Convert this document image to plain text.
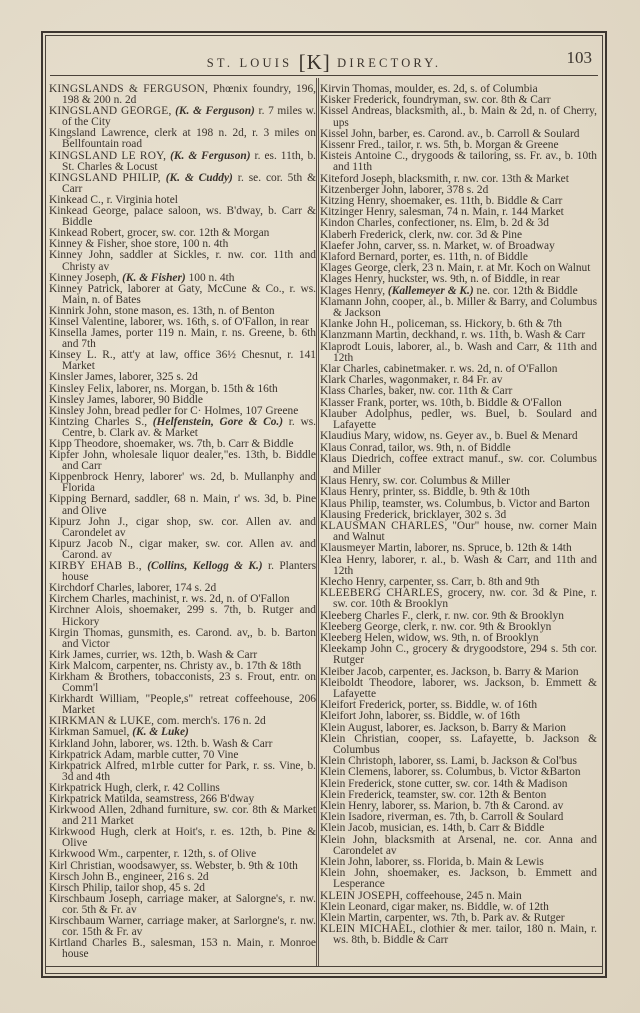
ST. LOUIS [K] DIRECTORY.	103

KINGSLANDS & FERGUSON, Phœnix foundry, 196, 198 & 200 n. 2d

KINGSLAND GEORGE, (K. & Ferguson) r. 7 miles w. of the City

Kingsland Lawrence, clerk at 198 n. 2d, r. 3 miles on Bellfountain road

KINGSLAND LE ROY, (K. & Ferguson) r. es. 11th, b. St. Charles & Locust

KINGSLAND PHILIP, (K. & Cuddy) r. se. cor. 5th & Carr

Kinkead C., r. Virginia hotel

Kinkead George, palace saloon, ws. B'dway, b. Carr & Biddle

Kinkead Robert, grocer, sw. cor. 12th & Morgan

Kinney & Fisher, shoe store, 100 n. 4th

Kinney John, saddler at Sickles, r. nw. cor. 11th and Christy av

Kinney Joseph, (K. & Fisher) 100 n. 4th

Kinney Patrick, laborer at Gaty, McCune & Co., r. ws. Main, n. of Bates

Kinnirk John, stone mason, es. 13th, n. of Benton

Kinsel Valentine, laborer, ws. 16th, s. of O'Fallon, in rear

Kinsella James, porter 119 n. Main, r. ns. Greene, b. 6th and 7th

Kinsey L. R., att'y at law, office 36½ Chesnut, r. 141 Market

Kinsler James, laborer, 325 s. 2d

Kinsley Felix, laborer, ns. Morgan, b. 15th & 16th

Kinsley James, laborer, 90 Biddle

Kinsley John, bread pedler for C· Holmes, 107 Greene

Kintzing Charles S., (Helfenstein, Gore & Co.) r. ws. Centre, b. Clark av. & Market

Kipp Theodore, shoemaker, ws. 7th, b. Carr & Biddle

Kipfer John, wholesale liquor dealer,"es. 13th, b. Biddle and Carr

Kippenbrock Henry, laborer' ws. 2d, b. Mullanphy and Florida

Kipping Bernard, saddler, 68 n. Main, r' ws. 3d, b. Pine and Olive

Kipurz John J., cigar shop, sw. cor. Allen av. and Carondelet av

Kipurz Jacob N., cigar maker, sw. cor. Allen av. and Carond. av

KIRBY EHAB B., (Collins, Kellogg & K.) r. Planters house

Kirchdorf Charles, laborer, 174 s. 2d

Kirchem Charles, machinist, r. ws. 2d, n. of O'Fallon

Kirchner Alois, shoemaker, 299 s. 7th, b. Rutger and Hickory

Kirgin Thomas, gunsmith, es. Carond. av,, b. b. Barton and Victor

Kirk James, currier, ws. 12th, b. Wash & Carr

Kirk Malcom, carpenter, ns. Christy av., b. 17th & 18th

Kirkham & Brothers, tobacconists, 23 s. Frout, entr. on Comm'l

Kirkhardt William, "People,s" retreat coffeehouse, 206 Market

KIRKMAN & LUKE, com. merch's. 176 n. 2d

Kirkman Samuel, (K. & Luke)

Kirkland John, laborer, ws. 12th. b. Wash & Carr

Kirkpatrick Adam, marble cutter, 70 Vine

Kirkpatrick Alfred, m1rble cutter for Park, r. ss. Vine, b. 3d and 4th

Kirkpatrick Hugh, clerk, r. 42 Collins

Kirkpatrick Matilda, seamstress, 266 B'dway

Kirkwood Allen, 2dhand furniture, sw. cor. 8th & Market and 211 Market

Kirkwood Hugh, clerk at Hoit's, r. es. 12th, b. Pine & Olive

Kirkwood Wm., carpenter, r. 12th, s. of Olive

Kirl Christian, woodsawyer, ss. Webster, b. 9th & 10th

Kirsch John B., engineer, 216 s. 2d

Kirsch Philip, tailor shop, 45 s. 2d

Kirschbaum Joseph, carriage maker, at Salorgne's, r. nw. cor. 5th & Fr. av

Kirschbaum Warner, carriage maker, at Sarlorgne's, r. nw. cor. 15th & Fr. av

Kirtland Charles B., salesman, 153 n. Main, r. Monroe house

Kirvin Thomas, moulder, es. 2d, s. of Columbia

Kisker Frederick, foundryman, sw. cor. 8th & Carr

Kissel Andreas, blacksmith, al., b. Main & 2d, n. of Cherry, ups

Kissel John, barber, es. Carond. av., b. Carroll & Soulard

Kissenr Fred., tailor, r. ws. 5th, b. Morgan & Greene

Kisteis Antoine C., drygoods & tailoring, ss. Fr. av., b. 10th and 11th

Kiteford Joseph, blacksmith, r. nw. cor. 13th & Market

Kitzenberger John, laborer, 378 s. 2d

Kitzing Henry, shoemaker, es. 11th, b. Biddle & Carr

Kitzinger Henry, salesman, 74 n. Main, r. 144 Market

Kindon Charles, confectioner, ns. Elm, b. 2d & 3d

Klaberh Frederick, clerk, nw. cor. 3d & Pine

Klaefer John, carver, ss. n. Market, w. of Broadway

Klaford Bernard, porter, es. 11th, n. of Biddle

Klages George, clerk, 23 n. Main, r. at Mr. Koch on Walnut

Klages Henry, huckster, ws. 9th, n. of Biddle, in rear

Klages Henry, (Kallemeyer & K.) ne. cor. 12th & Biddle

Klamann John, cooper, al., b. Miller & Barry, and Columbus & Jackson

Klanke John H., policeman, ss. Hickory, b. 6th & 7th

Klanzmann Martin, deckhand, r. ws. 11th, b. Wash & Carr

Klaprodt Louis, laborer, al., b. Wash and Carr, & 11th and 12th

Klar Charles, cabinetmaker. r. ws. 2d, n. of O'Fallon

Klark Charles, wagonmaker, r. 84 Fr. av

Klass Charles, baker, nw. cor. 11th & Carr

Klasser Frank, porter, ws. 10th, b. Biddle & O'Fallon

Klauber Adolphus, pedler, ws. Buel, b. Soulard and Lafayette

Klaudius Mary, widow, ns. Geyer av., b. Buel & Menard

Klaus Conrad, tailor, ws. 9th, n. of Biddle

Klaus Diedrich, coffee extract manuf., sw. cor. Columbus and Miller

Klaus Henry, sw. cor. Columbus & Miller

Klaus Henry, printer, ss. Biddle, b. 9th & 10th

Klaus Philip, teamster, ws. Columbus, b. Victor and Barton

Klausing Frederick, bricklayer, 302 s. 3d

KLAUSMAN CHARLES, "Our" house, nw. corner Main and Walnut

Klausmeyer Martin, laborer, ns. Spruce, b. 12th & 14th

Klea Henry, laborer, r. al., b. Wash & Carr, and 11th and 12th

Klecho Henry, carpenter, ss. Carr, b. 8th and 9th

KLEEBERG CHARLES, grocery, nw. cor. 3d & Pine, r. sw. cor. 10th & Brooklyn

Kleeberg Charles F., clerk, r. nw. cor. 9th & Brooklyn

Kleeberg George, clerk, r. nw. cor. 9th & Brooklyn

Kleeberg Helen, widow, ws. 9th, n. of Brooklyn

Kleekamp John C., grocery & drygoodstore, 294 s. 5th cor. Rutger

Kleiber Jacob, carpenter, es. Jackson, b. Barry & Marion

Kleiboldt Theodore, laborer, ws. Jackson, b. Emmett & Lafayette

Kleifort Frederick, porter, ss. Biddle, w. of 16th

Kleifort John, laborer, ss. Biddle, w. of 16th

Klein August, laborer, es. Jackson, b. Barry & Marion

Klein Christian, cooper, ss. Lafayette, b. Jackson & Columbus

Klein Christoph, laborer, ss. Lami, b. Jackson & Col'bus

Klein Clemens, laborer, ss. Columbus, b. Victor &Barton

Klein Frederick, stone cutter, sw. cor. 14th & Madison

Klein Frederick, teamster, sw. cor. 12th & Benton

Klein Henry, laborer, ss. Marion, b. 7th & Carond. av

Klein Isadore, riverman, es. 7th, b. Carroll & Soulard

Klein Jacob, musician, es. 14th, b. Carr & Biddle

Klein John, blacksmith at Arsenal, ne. cor. Anna and Carondelet av

Klein John, laborer, ss. Florida, b. Main & Lewis

Klein John, shoemaker, es. Jackson, b. Emmett and Lesperance

KLEIN JOSEPH, coffeehouse, 245 n. Main

Klein Leonard, cigar maker, ns. Biddle, w. of 12th

Klein Martin, carpenter, ws. 7th, b. Park av. & Rutger

KLEIN MICHAEL, clothier & mer. tailor, 180 n. Main, r. ws. 8th, b. Biddle & Carr
